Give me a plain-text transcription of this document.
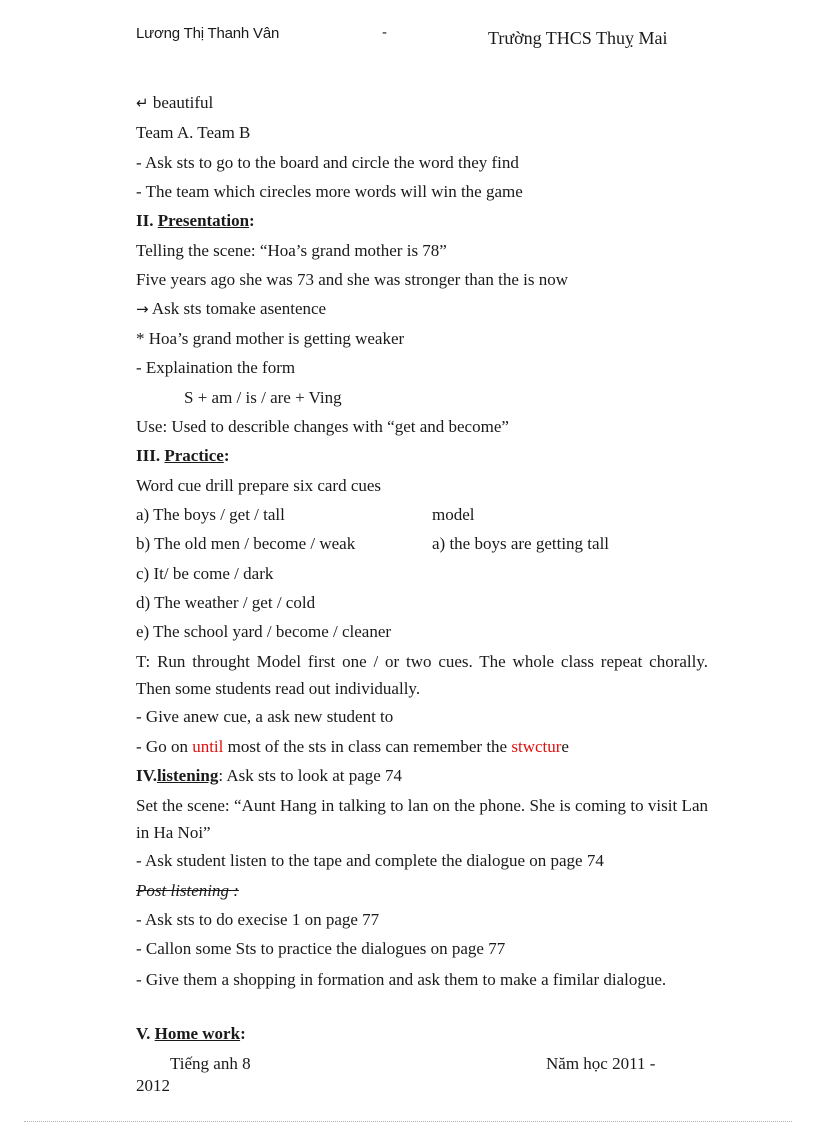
Lương Thị Thanh Vân	-	Trường THCS Thuỵ Mai
↵ beautiful
Team A. Team B
- Ask sts to go to the board and circle the word they find
- The team which cirecles more words will win the game
II. Presentation:
Telling the scene: “Hoa’s grand mother is 78”
Five years ago she was 73 and she was stronger than the is now
→ Ask sts tomake asentence
* Hoa’s grand mother is getting weaker
- Explaination the form
S + am / is / are + Ving
Use: Used to describle changes with “get and become”
III. Practice:
Word cue drill prepare six card cues
a) The boys / get / tall	model
b) The old men / become / weak	a) the boys are getting tall
c) It/ be come / dark
d) The weather / get / cold
e) The school yard / become / cleaner
T: Run throught Model first one / or two cues. The whole class repeat chorally. Then some students read out individually.
- Give anew cue, a ask new student to
- Go on until most of the sts in class can remember the stwcture
IV.listening: Ask sts to look at page 74
Set the scene: “Aunt Hang in talking to lan on the phone. She is coming to visit Lan in Ha Noi”
- Ask student listen to the tape and complete the dialogue on page 74
Post listening :
- Ask sts to do execise 1 on page 77
- Callon some Sts to practice the dialogues on page 77
- Give them a shopping in formation and ask them to make a fimilar dialogue.
V. Home work:
Tiếng anh 8	Năm học 2011 -
2012
